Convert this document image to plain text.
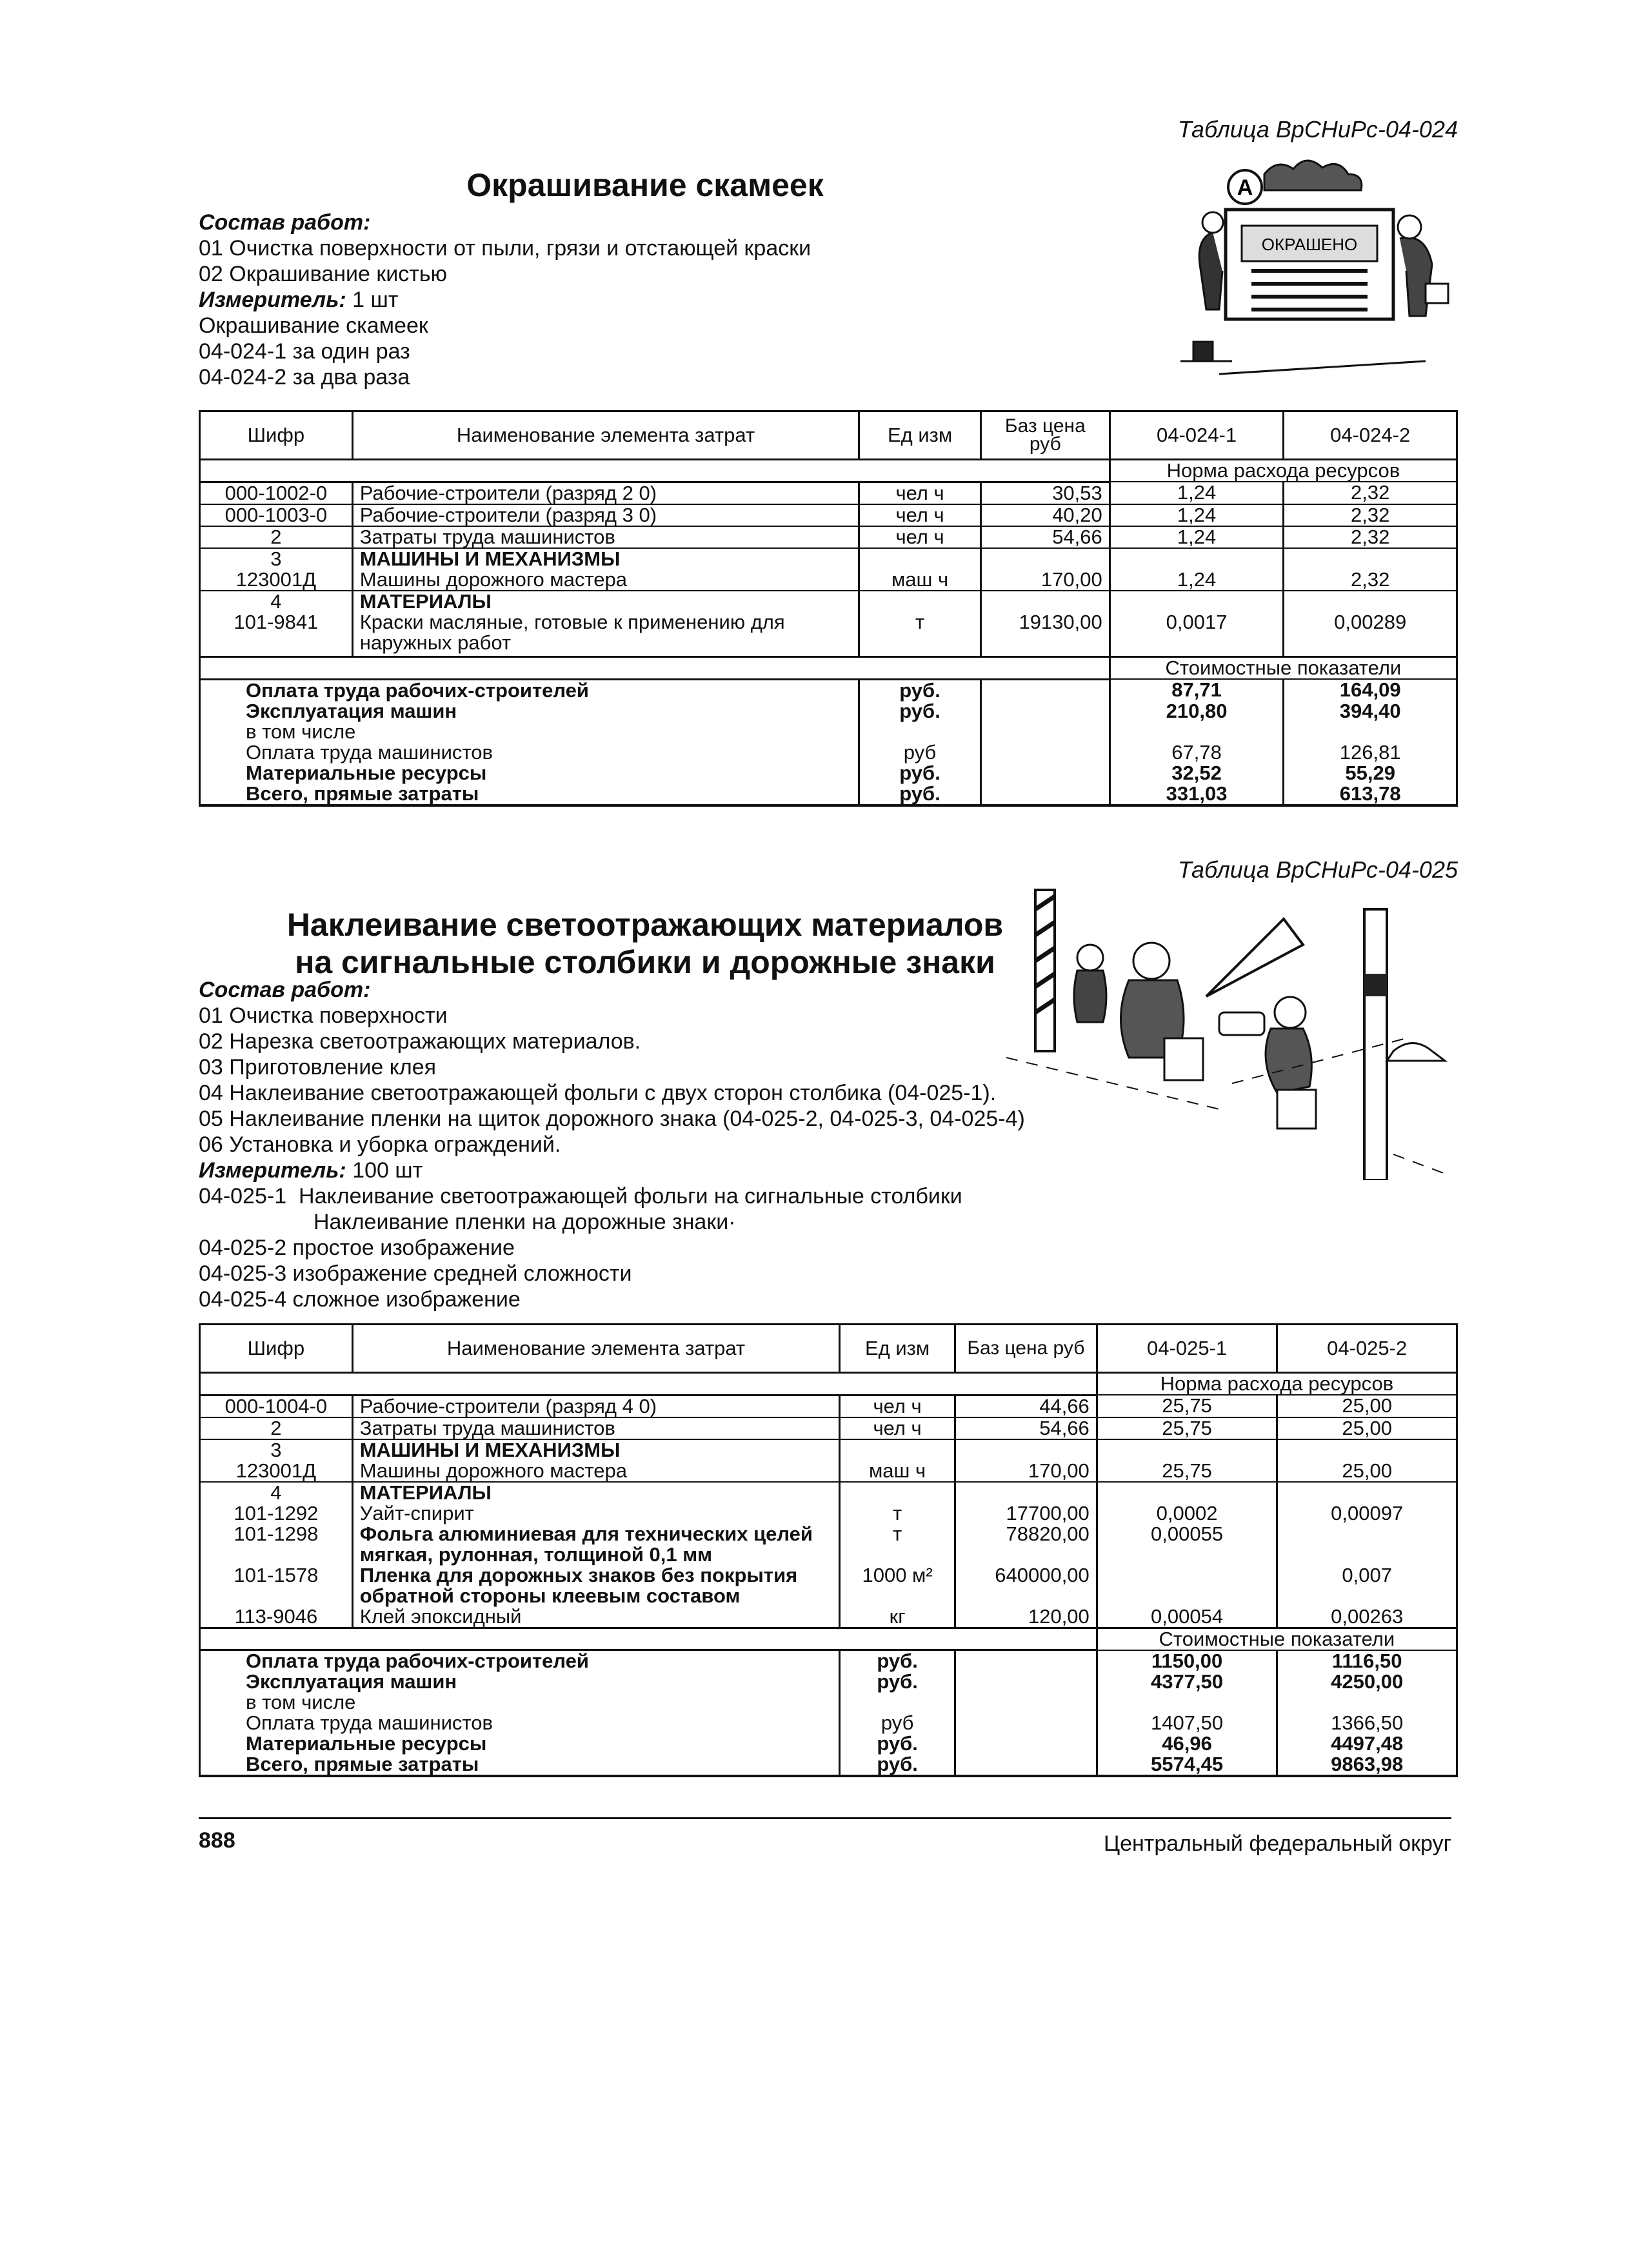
Таблица ВрСНиРс-04-024
Окрашивание скамеек
Состав работ:
01 Очистка поверхности от пыли, грязи и отстающей краски
02 Окрашивание кистью
Измеритель: 1 шт
Окрашивание скамеек
04-024-1 за один раз
04-024-2 за два раза
A
ОКРАШЕНО
Шифр	Наименование элемента затрат	Ед изм	Баз цена руб	04-024-1	04-024-2
				Норма расхода ресурсов	
000-1002-0	Рабочие-строители (разряд 2 0)	чел ч	30,53	1,24	2,32
000-1003-0	Рабочие-строители (разряд 3 0)	чел ч	40,20	1,24	2,32
2	Затраты труда машинистов	чел ч	54,66	1,24	2,32
3	МАШИНЫ И МЕХАНИЗМЫ				
123001Д	Машины дорожного мастера	маш ч	170,00	1,24	2,32
4	МАТЕРИАЛЫ				
101-9841	Краски масляные, готовые к применению для наружных работ	т	19130,00	0,0017	0,00289
				Стоимостные показатели	
Оплата труда рабочих-строителей		руб.		87,71	164,09
Эксплуатация машин		руб.		210,80	394,40
в том числе					
Оплата труда машинистов		руб		67,78	126,81
Материальные ресурсы		руб.		32,52	55,29
Всего, прямые затраты		руб.		331,03	613,78
Таблица ВрСНиРс-04-025
Наклеивание светоотражающих материалов
на сигнальные столбики и дорожные знаки
Состав работ:
01 Очистка поверхности
02 Нарезка светоотражающих материалов.
03 Приготовление клея
04 Наклеивание светоотражающей фольги с двух сторон столбика (04-025-1).
05 Наклеивание пленки на щиток дорожного знака (04-025-2, 04-025-3, 04-025-4)
06 Установка и уборка ограждений.
Измеритель: 100 шт
04-025-1 Наклеивание светоотражающей фольги на сигнальные столбики
Наклеивание пленки на дорожные знаки·
04-025-2 простое изображение
04-025-3 изображение средней сложности
04-025-4 сложное изображение
Шифр	Наименование элемента затрат	Ед изм	Баз цена руб	04-025-1	04-025-2
				Норма расхода ресурсов	
000-1004-0	Рабочие-строители (разряд 4 0)	чел ч	44,66	25,75	25,00
2	Затраты труда машинистов	чел ч	54,66	25,75	25,00
3	МАШИНЫ И МЕХАНИЗМЫ				
123001Д	Машины дорожного мастера	маш ч	170,00	25,75	25,00
4	МАТЕРИАЛЫ				
101-1292	Уайт-спирит	т	17700,00	0,0002	0,00097
101-1298	Фольга алюминиевая для технических целей мягкая, рулонная, толщиной 0,1 мм	т	78820,00	0,00055	
101-1578	Пленка для дорожных знаков без покрытия обратной стороны клеевым составом	1000 м²	640000,00		0,007
113-9046	Клей эпоксидный	кг	120,00	0,00054	0,00263
				Стоимостные показатели	
Оплата труда рабочих-строителей		руб.		1150,00	1116,50
Эксплуатация машин		руб.		4377,50	4250,00
в том числе					
Оплата труда машинистов		руб		1407,50	1366,50
Материальные ресурсы		руб.		46,96	4497,48
Всего, прямые затраты		руб.		5574,45	9863,98
888	Центральный федеральный округ
